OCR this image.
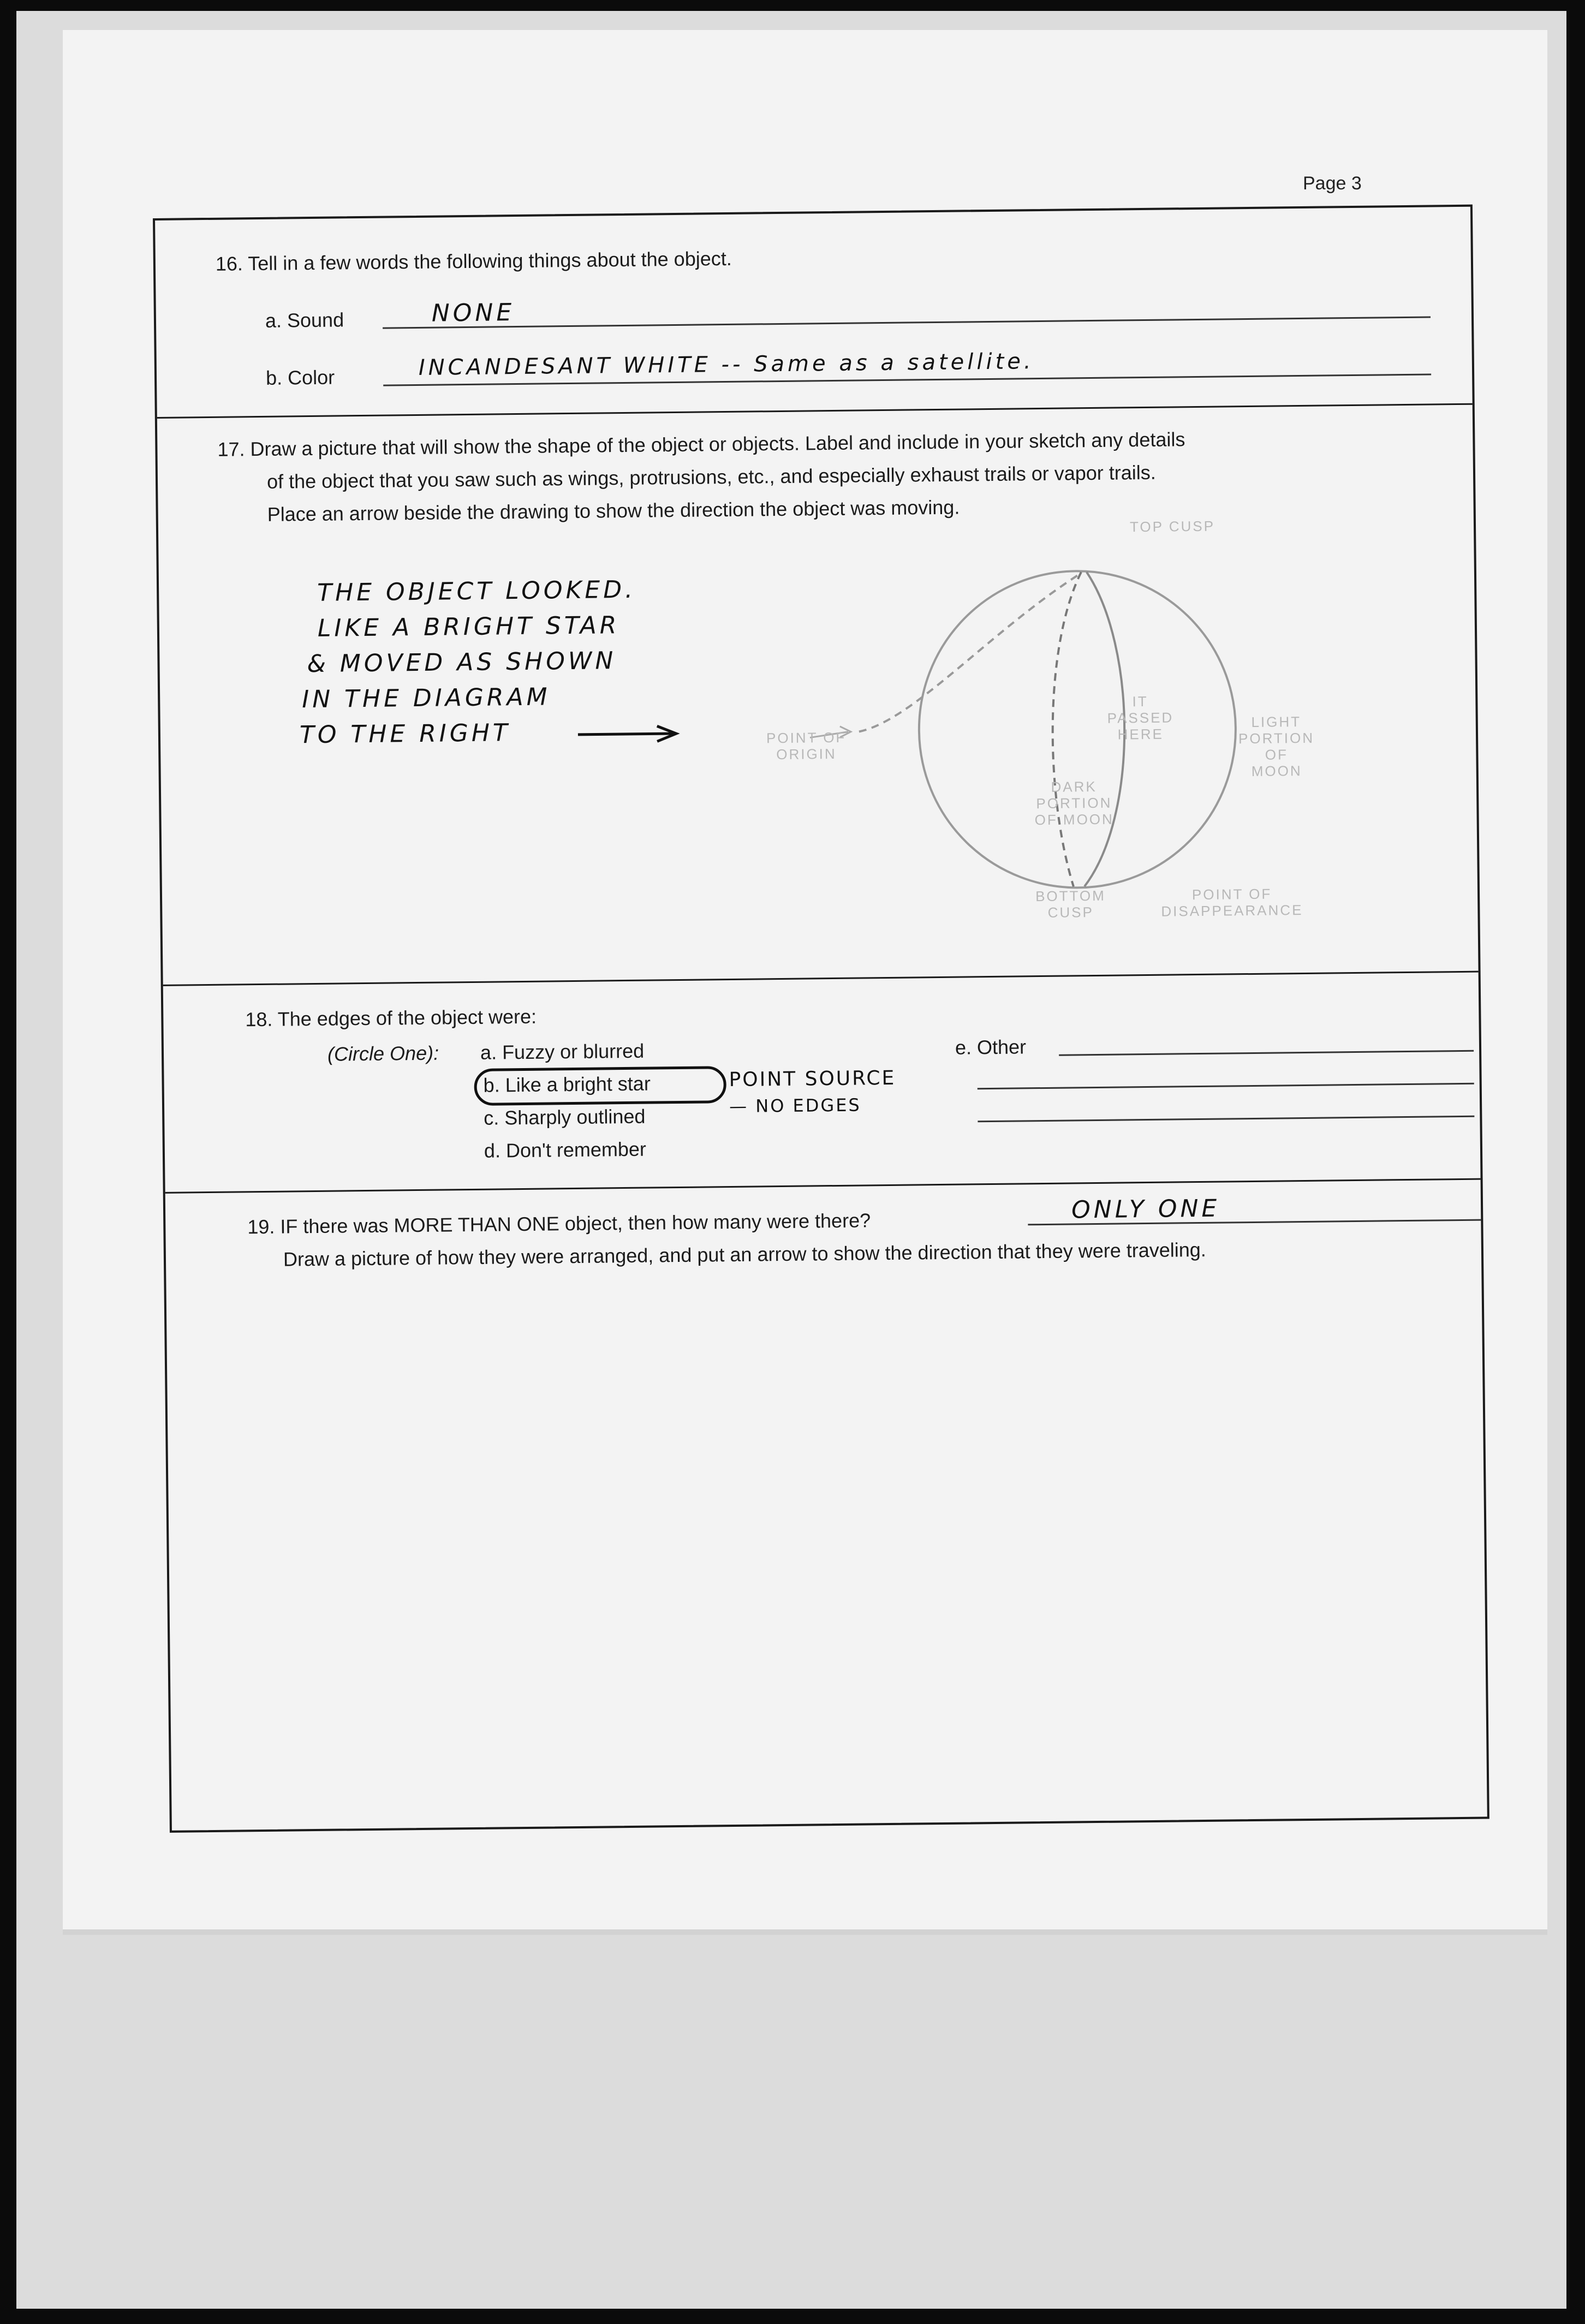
Page 3
16. Tell in a few words the following things about the object.
a. Sound	NONE
b. Color	INCANDESANT WHITE -- Same as a satellite.
17. Draw a picture that will show the shape of the object or objects. Label and include in your sketch any details
of the object that you saw such as wings, protrusions, etc., and especially exhaust trails or vapor trails.
Place an arrow beside the drawing to show the direction the object was moving.
THE OBJECT LOOKED.
LIKE A BRIGHT STAR
& MOVED AS SHOWN
IN THE DIAGRAM
TO THE RIGHT
TOP CUSP
POINT OF
ORIGIN
IT
PASSED
HERE
LIGHT
PORTION
OF
MOON
DARK
PORTION
OF MOON
BOTTOM
CUSP
POINT OF
DISAPPEARANCE
18. The edges of the object were:
(Circle One): a. Fuzzy or blurred
b. Like a bright star
c. Sharply outlined
d. Don't remember
POINT SOURCE
— NO EDGES
e. Other
19. IF there was MORE THAN ONE object, then how many were there?	ONLY ONE
Draw a picture of how they were arranged, and put an arrow to show the direction that they were traveling.
